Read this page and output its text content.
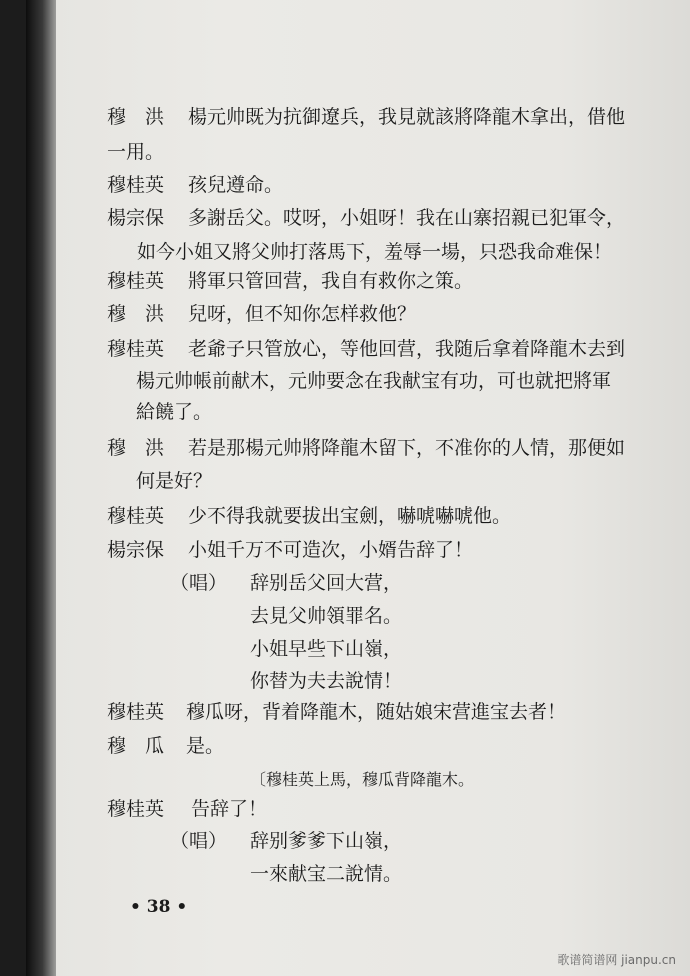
穆　洪 楊元帅既为抗御遼兵，我見就該將降龍木拿出，借他
一用。
穆桂英 孩兒遵命。
楊宗保 多謝岳父。哎呀，小姐呀！我在山寨招親已犯軍令，
如今小姐又將父帅打落馬下，羞辱一場，只恐我命难保！
穆桂英 將軍只管回营，我自有救你之策。
穆　洪 兒呀，但不知你怎样救他？
穆桂英 老爺子只管放心，等他回营，我随后拿着降龍木去到
楊元帅帳前献木，元帅要念在我献宝有功，可也就把將軍
給饒了。
穆　洪 若是那楊元帅將降龍木留下，不准你的人情，那便如
何是好？
穆桂英 少不得我就要拔出宝劍，嚇唬嚇唬他。
楊宗保 小姐千万不可造次，小婿告辞了！
（唱） 辞别岳父回大营，
去見父帅領罪名。
小姐早些下山嶺，
你替为夫去說情！
穆桂英 穆瓜呀，背着降龍木，随姑娘宋营進宝去者！
穆　瓜 是。
〔穆桂英上馬，穆瓜背降龍木。
穆桂英 告辞了！
（唱） 辞别爹爹下山嶺，
一來献宝二說情。
• 38 •
歌谱简谱网 jianpu.cn
